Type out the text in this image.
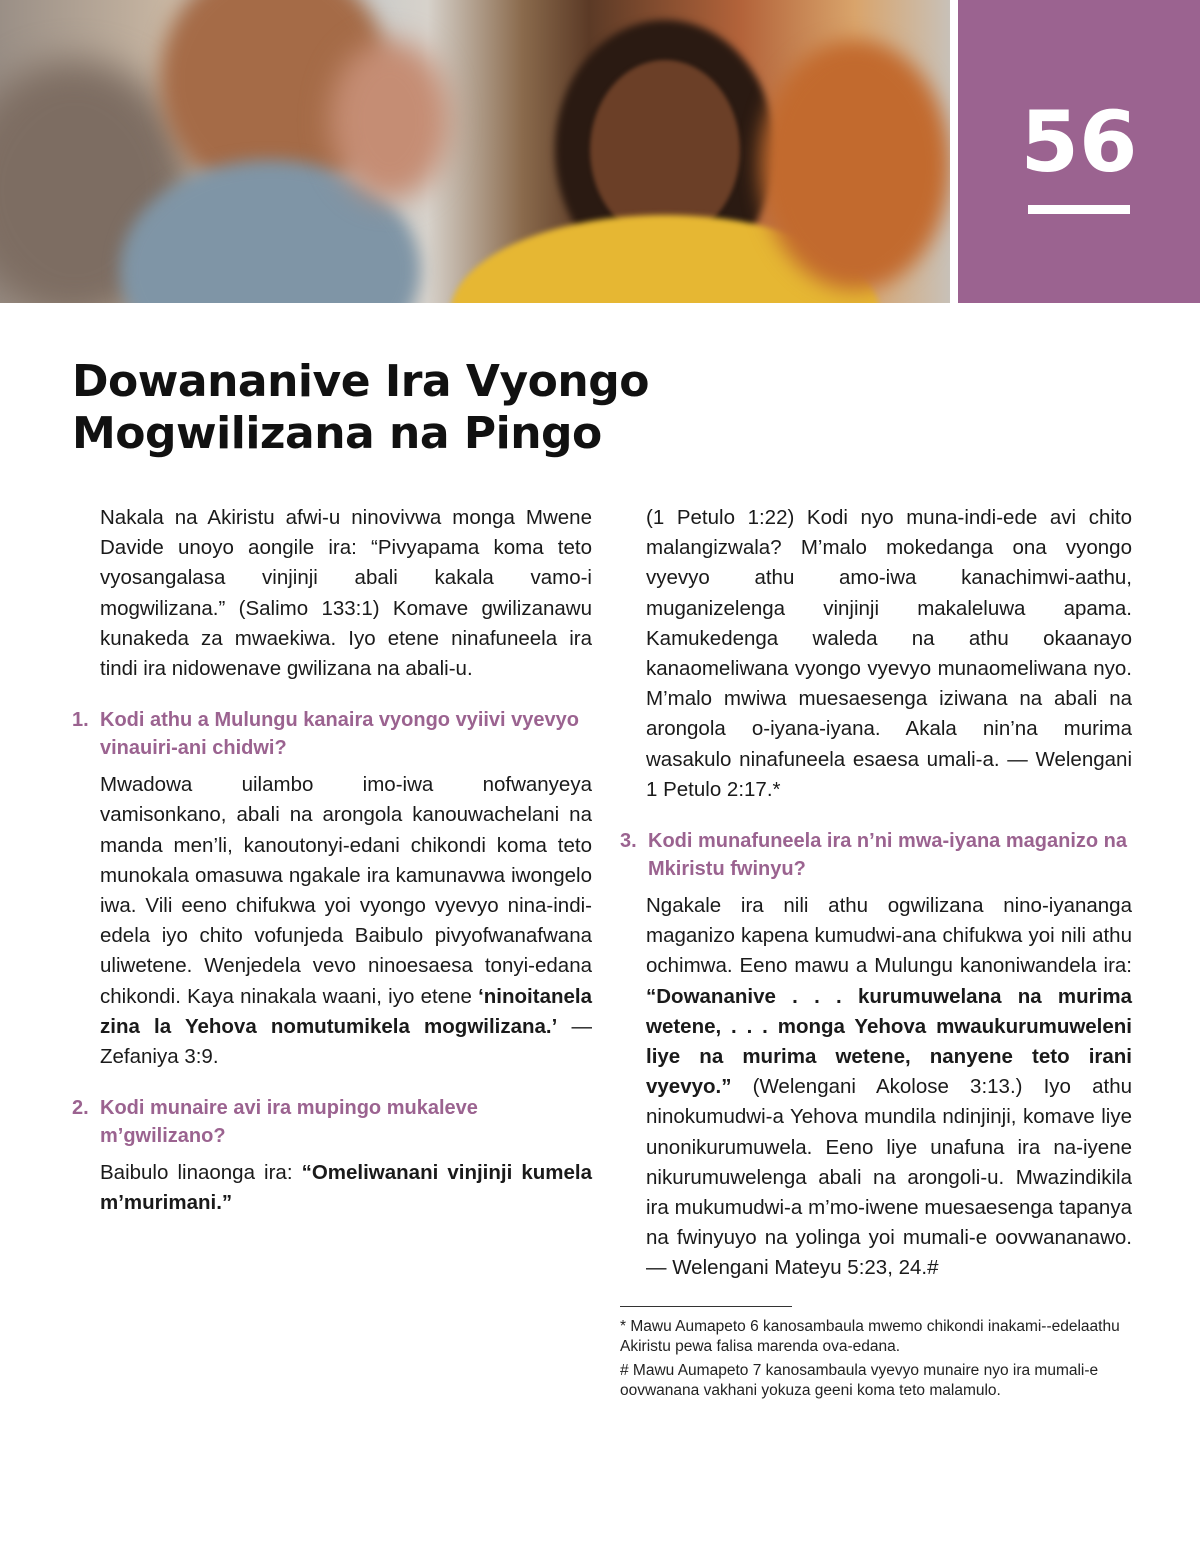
56
Dowananive Ira Vyongo
Mogwilizana na Pingo

Nakala na Akiristu afwi-u ninovivwa monga Mwene Davide unoyo aongile ira: “Pivyapama koma teto vyosangalasa vinjinji abali kakala vamo-i mogwilizana.” (Salimo 133:1) Komave gwilizanawu kunakeda za mwaekiwa. Iyo etene ninafuneela ira tindi ira nidowenave gwilizana na abali-u.

1. Kodi athu a Mulungu kanaira vyongo vyiivi vyevyo vinauiri-ani chidwi?

Mwadowa uilambo imo-iwa nofwanyeya vamisonkano, abali na arongola kanouwachelani na manda men’li, kanoutonyi-edani chikondi koma teto munokala omasuwa ngakale ira kamunavwa iwongelo iwa. Vili eeno chifukwa yoi vyongo vyevyo nina-indi-edela iyo chito vofunjeda Baibulo pivyofwanafwana uliwetene. Wenjedela vevo ninoesaesa tonyi-edana chikondi. Kaya ninakala waani, iyo etene ‘ninoitanela zina la Yehova nomutumikela mogwilizana.’ — Zefaniya 3:9.

2. Kodi munaire avi ira mupingo mukaleve m’gwilizano?

Baibulo linaonga ira: “Omeliwanani vinjinji kumela m’murimani.”

(1 Petulo 1:22) Kodi nyo muna-indi-ede avi chito malangizwala? M’malo mokedanga ona vyongo vyevyo athu amo-iwa kanachimwi-aathu, muganizelenga vinjinji makaleluwa apama. Kamukedenga waleda na athu okaanayo kanaomeliwana vyongo vyevyo munaomeliwana nyo. M’malo mwiwa muesaesenga iziwana na abali na arongola o-iyana-iyana. Akala nin’na murima wasakulo ninafuneela esaesa umali-a. — Welengani 1 Petulo 2:17.*

3. Kodi munafuneela ira n’ni mwa-iyana maganizo na Mkiristu fwinyu?

Ngakale ira nili athu ogwilizana nino-iyananga maganizo kapena kumudwi-ana chifukwa yoi nili athu ochimwa. Eeno mawu a Mulungu kanoniwandela ira: “Dowananive . . . kurumuwelana na murima wetene, . . . monga Yehova mwaukurumuweleni liye na murima wetene, nanyene teto irani vyevyo.” (Welengani Akolose 3:13.) Iyo athu ninokumudwi-a Yehova mundila ndinjinji, komave liye unonikurumuwela. Eeno liye unafuna ira na-iyene nikurumuwelenga abali na arongoli-u. Mwazindikila ira mukumudwi-a m’mo-iwene muesaesenga tapanya na fwinyuyo na yolinga yoi mumali-e oovwananawo. — Welengani Mateyu 5:23, 24.#

* Mawu Aumapeto 6 kanosambaula mwemo chikondi inakami--edelaathu Akiristu pewa falisa marenda ova-edana.

# Mawu Aumapeto 7 kanosambaula vyevyo munaire nyo ira mumali-e oovwanana vakhani yokuza geeni koma teto malamulo.
